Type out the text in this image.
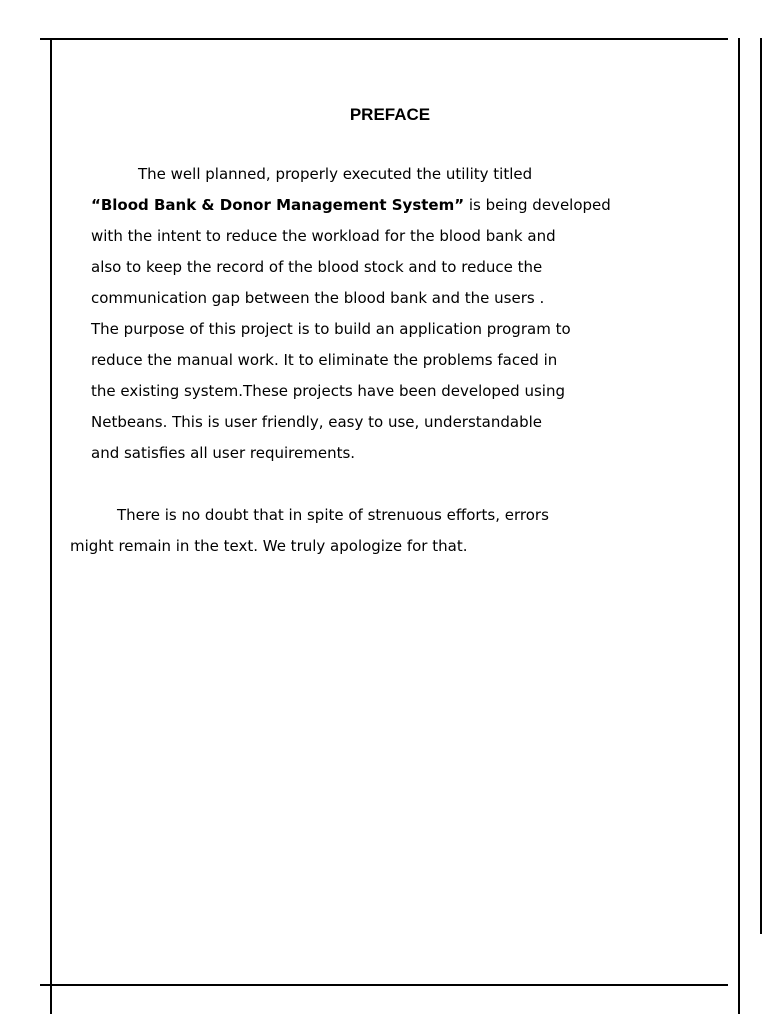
PREFACE
The well planned, properly executed the utility titled
“Blood Bank & Donor Management System” is being developed
with the intent to reduce the workload for the blood bank and
also to keep the record of the blood stock and to reduce the
communication gap between the blood bank and the users .
The purpose of this project is to build an application program to
reduce the manual work. It to eliminate the problems faced in
the existing system.These projects have been developed using
Netbeans. This is user friendly, easy to use, understandable
and satisfies all user requirements.
There is no doubt that in spite of strenuous efforts, errors
might remain in the text. We truly apologize for that.
